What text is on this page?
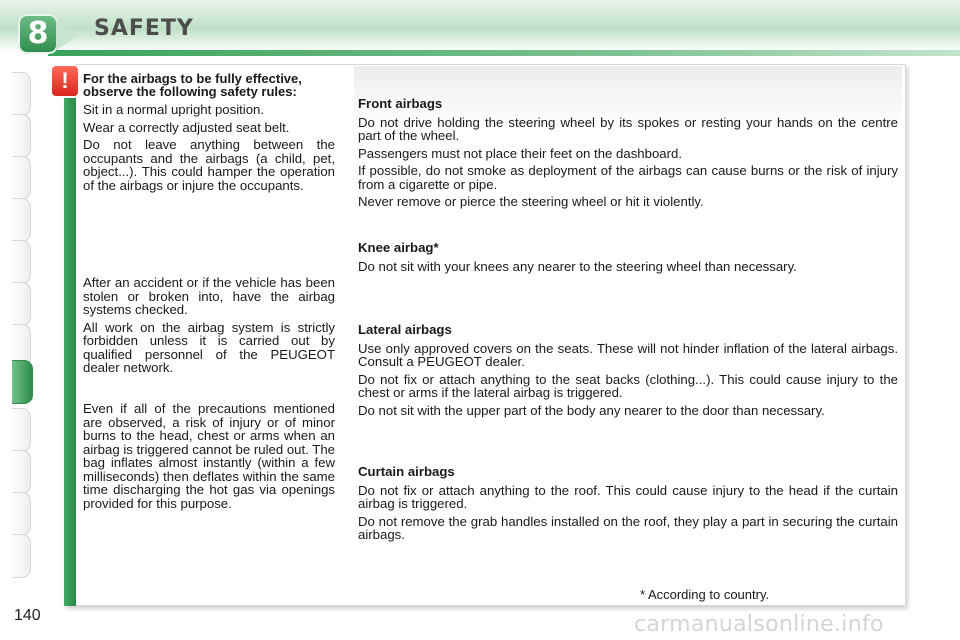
8	SAFETY
!	For the airbags to be fully effective, observe the following safety rules:

Sit in a normal upright position.

Wear a correctly adjusted seat belt.

Do not leave anything between the occupants and the airbags (a child, pet, object...). This could hamper the operation of the airbags or injure the occupants.

After an accident or if the vehicle has been stolen or broken into, have the airbag systems checked.

All work on the airbag system is strictly forbidden unless it is carried out by qualified personnel of the PEUGEOT dealer network.

Even if all of the precautions mentioned are observed, a risk of injury or of minor burns to the head, chest or arms when an airbag is triggered cannot be ruled out. The bag inflates almost instantly (within a few milliseconds) then deflates within the same time discharging the hot gas via openings provided for this purpose.

Front airbags

Do not drive holding the steering wheel by its spokes or resting your hands on the centre part of the wheel.

Passengers must not place their feet on the dashboard.

If possible, do not smoke as deployment of the airbags can cause burns or the risk of injury from a cigarette or pipe.

Never remove or pierce the steering wheel or hit it violently.

Knee airbag*

Do not sit with your knees any nearer to the steering wheel than necessary.

Lateral airbags

Use only approved covers on the seats. These will not hinder inflation of the lateral airbags. Consult a PEUGEOT dealer.

Do not fix or attach anything to the seat backs (clothing...). This could cause injury to the chest or arms if the lateral airbag is triggered.

Do not sit with the upper part of the body any nearer to the door than necessary.

Curtain airbags

Do not fix or attach anything to the roof. This could cause injury to the head if the curtain airbag is triggered.

Do not remove the grab handles installed on the roof, they play a part in securing the curtain airbags.

* According to country.
140	carmanualsonline.info
